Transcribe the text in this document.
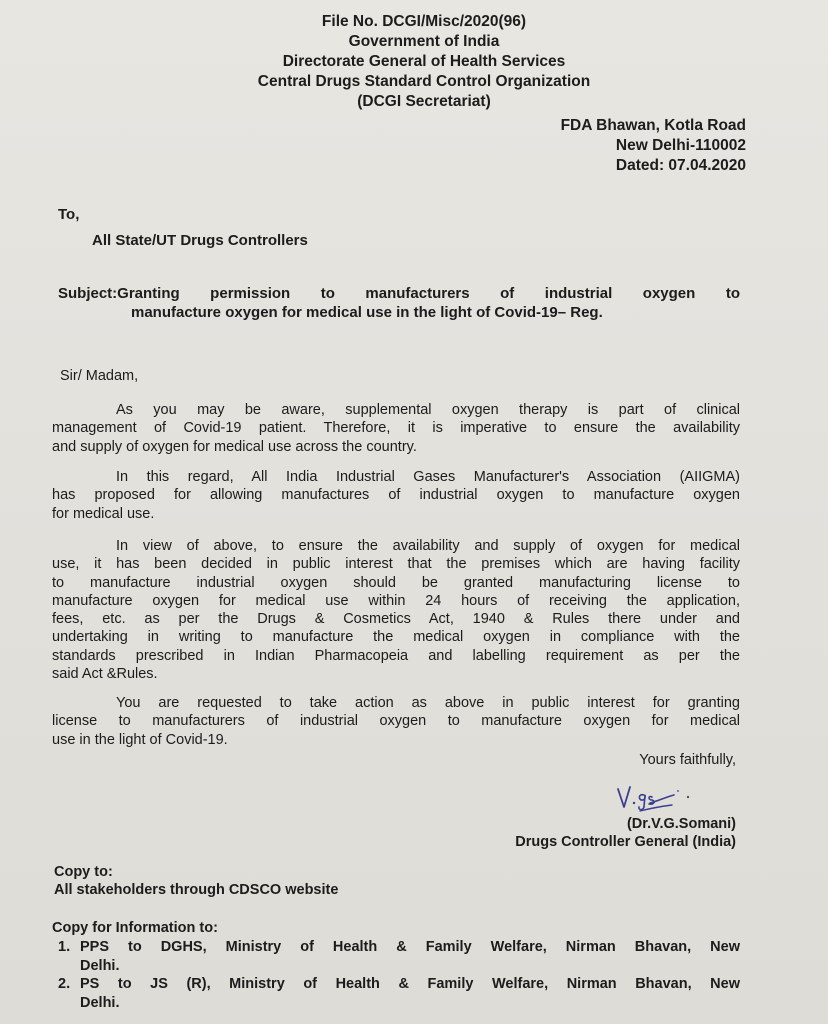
File No. DCGI/Misc/2020(96)
Government of India
Directorate General of Health Services
Central Drugs Standard Control Organization
(DCGI Secretariat)
FDA Bhawan, Kotla Road
New Delhi-110002
Dated: 07.04.2020
To,
All State/UT Drugs Controllers
Subject:Granting permission to manufacturers of industrial oxygen to
manufacture oxygen for medical use in the light of Covid-19– Reg.
Sir/ Madam,
As you may be aware, supplemental oxygen therapy is part of clinical
management of Covid-19 patient. Therefore, it is imperative to ensure the availability
and supply of oxygen for medical use across the country.
In this regard, All India Industrial Gases Manufacturer's Association (AIIGMA)
has proposed for allowing manufactures of industrial oxygen to manufacture oxygen
for medical use.
In view of above, to ensure the availability and supply of oxygen for medical
use, it has been decided in public interest that the premises which are having facility
to manufacture industrial oxygen should be granted manufacturing license to
manufacture oxygen for medical use within 24 hours of receiving the application,
fees, etc. as per the Drugs & Cosmetics Act, 1940 & Rules there under and
undertaking in writing to manufacture the medical oxygen in compliance with the
standards prescribed in Indian Pharmacopeia and labelling requirement as per the
said Act &Rules.
You are requested to take action as above in public interest for granting
license to manufacturers of industrial oxygen to manufacture oxygen for medical
use in the light of Covid-19.
Yours faithfully,
(Dr.V.G.Somani)
Drugs Controller General (India)
Copy to:
All stakeholders through CDSCO website
Copy for Information to:
1. PPS to DGHS, Ministry of Health & Family Welfare, Nirman Bhavan, New
Delhi.
2. PS to JS (R), Ministry of Health & Family Welfare, Nirman Bhavan, New
Delhi.
